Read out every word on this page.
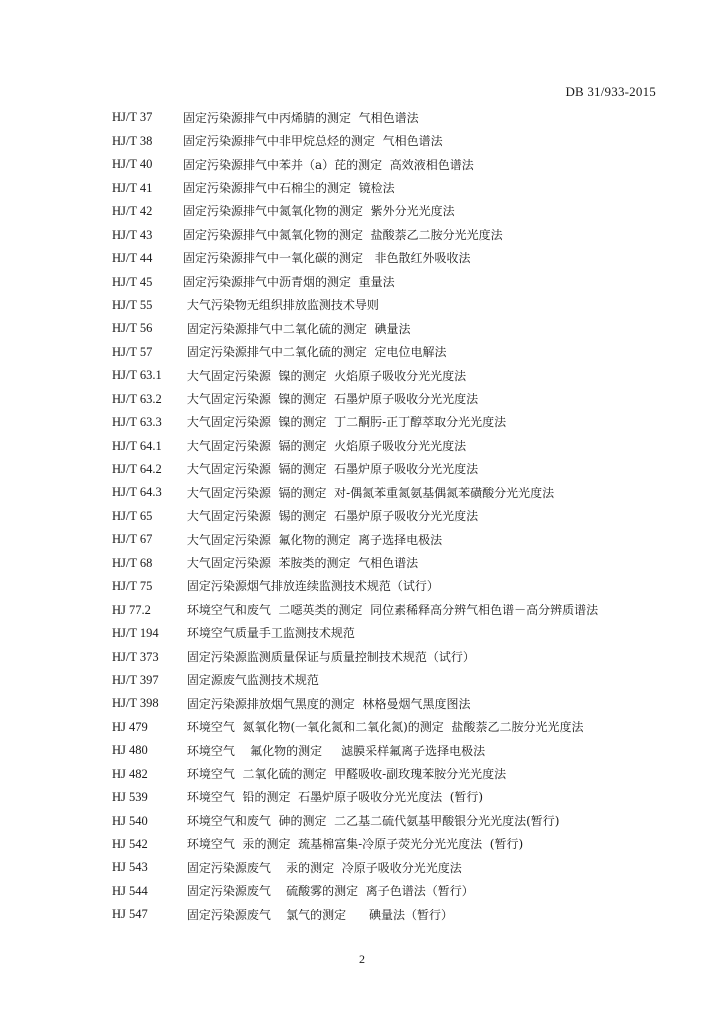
DB 31/933-2015
HJ/T 37	固定污染源排气中丙烯腈的测定  气相色谱法
HJ/T 38	固定污染源排气中非甲烷总烃的测定  气相色谱法
HJ/T 40	固定污染源排气中苯并（a）芘的测定  高效液相色谱法
HJ/T 41	固定污染源排气中石棉尘的测定  镜检法
HJ/T 42	固定污染源排气中氮氧化物的测定  紫外分光光度法
HJ/T 43	固定污染源排气中氮氧化物的测定  盐酸萘乙二胺分光光度法
HJ/T 44	固定污染源排气中一氧化碳的测定   非色散红外吸收法
HJ/T 45	固定污染源排气中沥青烟的测定  重量法
HJ/T 55	大气污染物无组织排放监测技术导则
HJ/T 56	固定污染源排气中二氧化硫的测定  碘量法
HJ/T 57	固定污染源排气中二氧化硫的测定  定电位电解法
HJ/T 63.1	大气固定污染源  镍的测定  火焰原子吸收分光光度法
HJ/T 63.2	大气固定污染源  镍的测定  石墨炉原子吸收分光光度法
HJ/T 63.3	大气固定污染源  镍的测定  丁二酮肟-正丁醇萃取分光光度法
HJ/T 64.1	大气固定污染源  镉的测定  火焰原子吸收分光光度法
HJ/T 64.2	大气固定污染源  镉的测定  石墨炉原子吸收分光光度法
HJ/T 64.3	大气固定污染源  镉的测定  对-偶氮苯重氮氨基偶氮苯磺酸分光光度法
HJ/T 65	大气固定污染源  锡的测定  石墨炉原子吸收分光光度法
HJ/T 67	大气固定污染源  氟化物的测定  离子选择电极法
HJ/T 68	大气固定污染源  苯胺类的测定  气相色谱法
HJ/T 75	固定污染源烟气排放连续监测技术规范（试行）
HJ 77.2	环境空气和废气  二噁英类的测定  同位素稀释高分辨气相色谱－高分辨质谱法
HJ/T 194	环境空气质量手工监测技术规范
HJ/T 373	固定污染源监测质量保证与质量控制技术规范（试行）
HJ/T 397	固定源废气监测技术规范
HJ/T 398	固定污染源排放烟气黑度的测定  林格曼烟气黑度图法
HJ 479	环境空气  氮氧化物(一氧化氮和二氧化氮)的测定  盐酸萘乙二胺分光光度法
HJ 480	环境空气    氟化物的测定     滤膜采样氟离子选择电极法
HJ 482	环境空气  二氧化硫的测定  甲醛吸收-副玫瑰苯胺分光光度法
HJ 539	环境空气  铅的测定  石墨炉原子吸收分光光度法  (暂行)
HJ 540	环境空气和废气  砷的测定  二乙基二硫代氨基甲酸银分光光度法(暂行)
HJ 542	环境空气  汞的测定  巯基棉富集-冷原子荧光分光光度法  (暂行)
HJ 543	固定污染源废气    汞的测定  冷原子吸收分光光度法
HJ 544	固定污染源废气    硫酸雾的测定  离子色谱法（暂行）
HJ 547	固定污染源废气    氯气的测定      碘量法（暂行）
2
